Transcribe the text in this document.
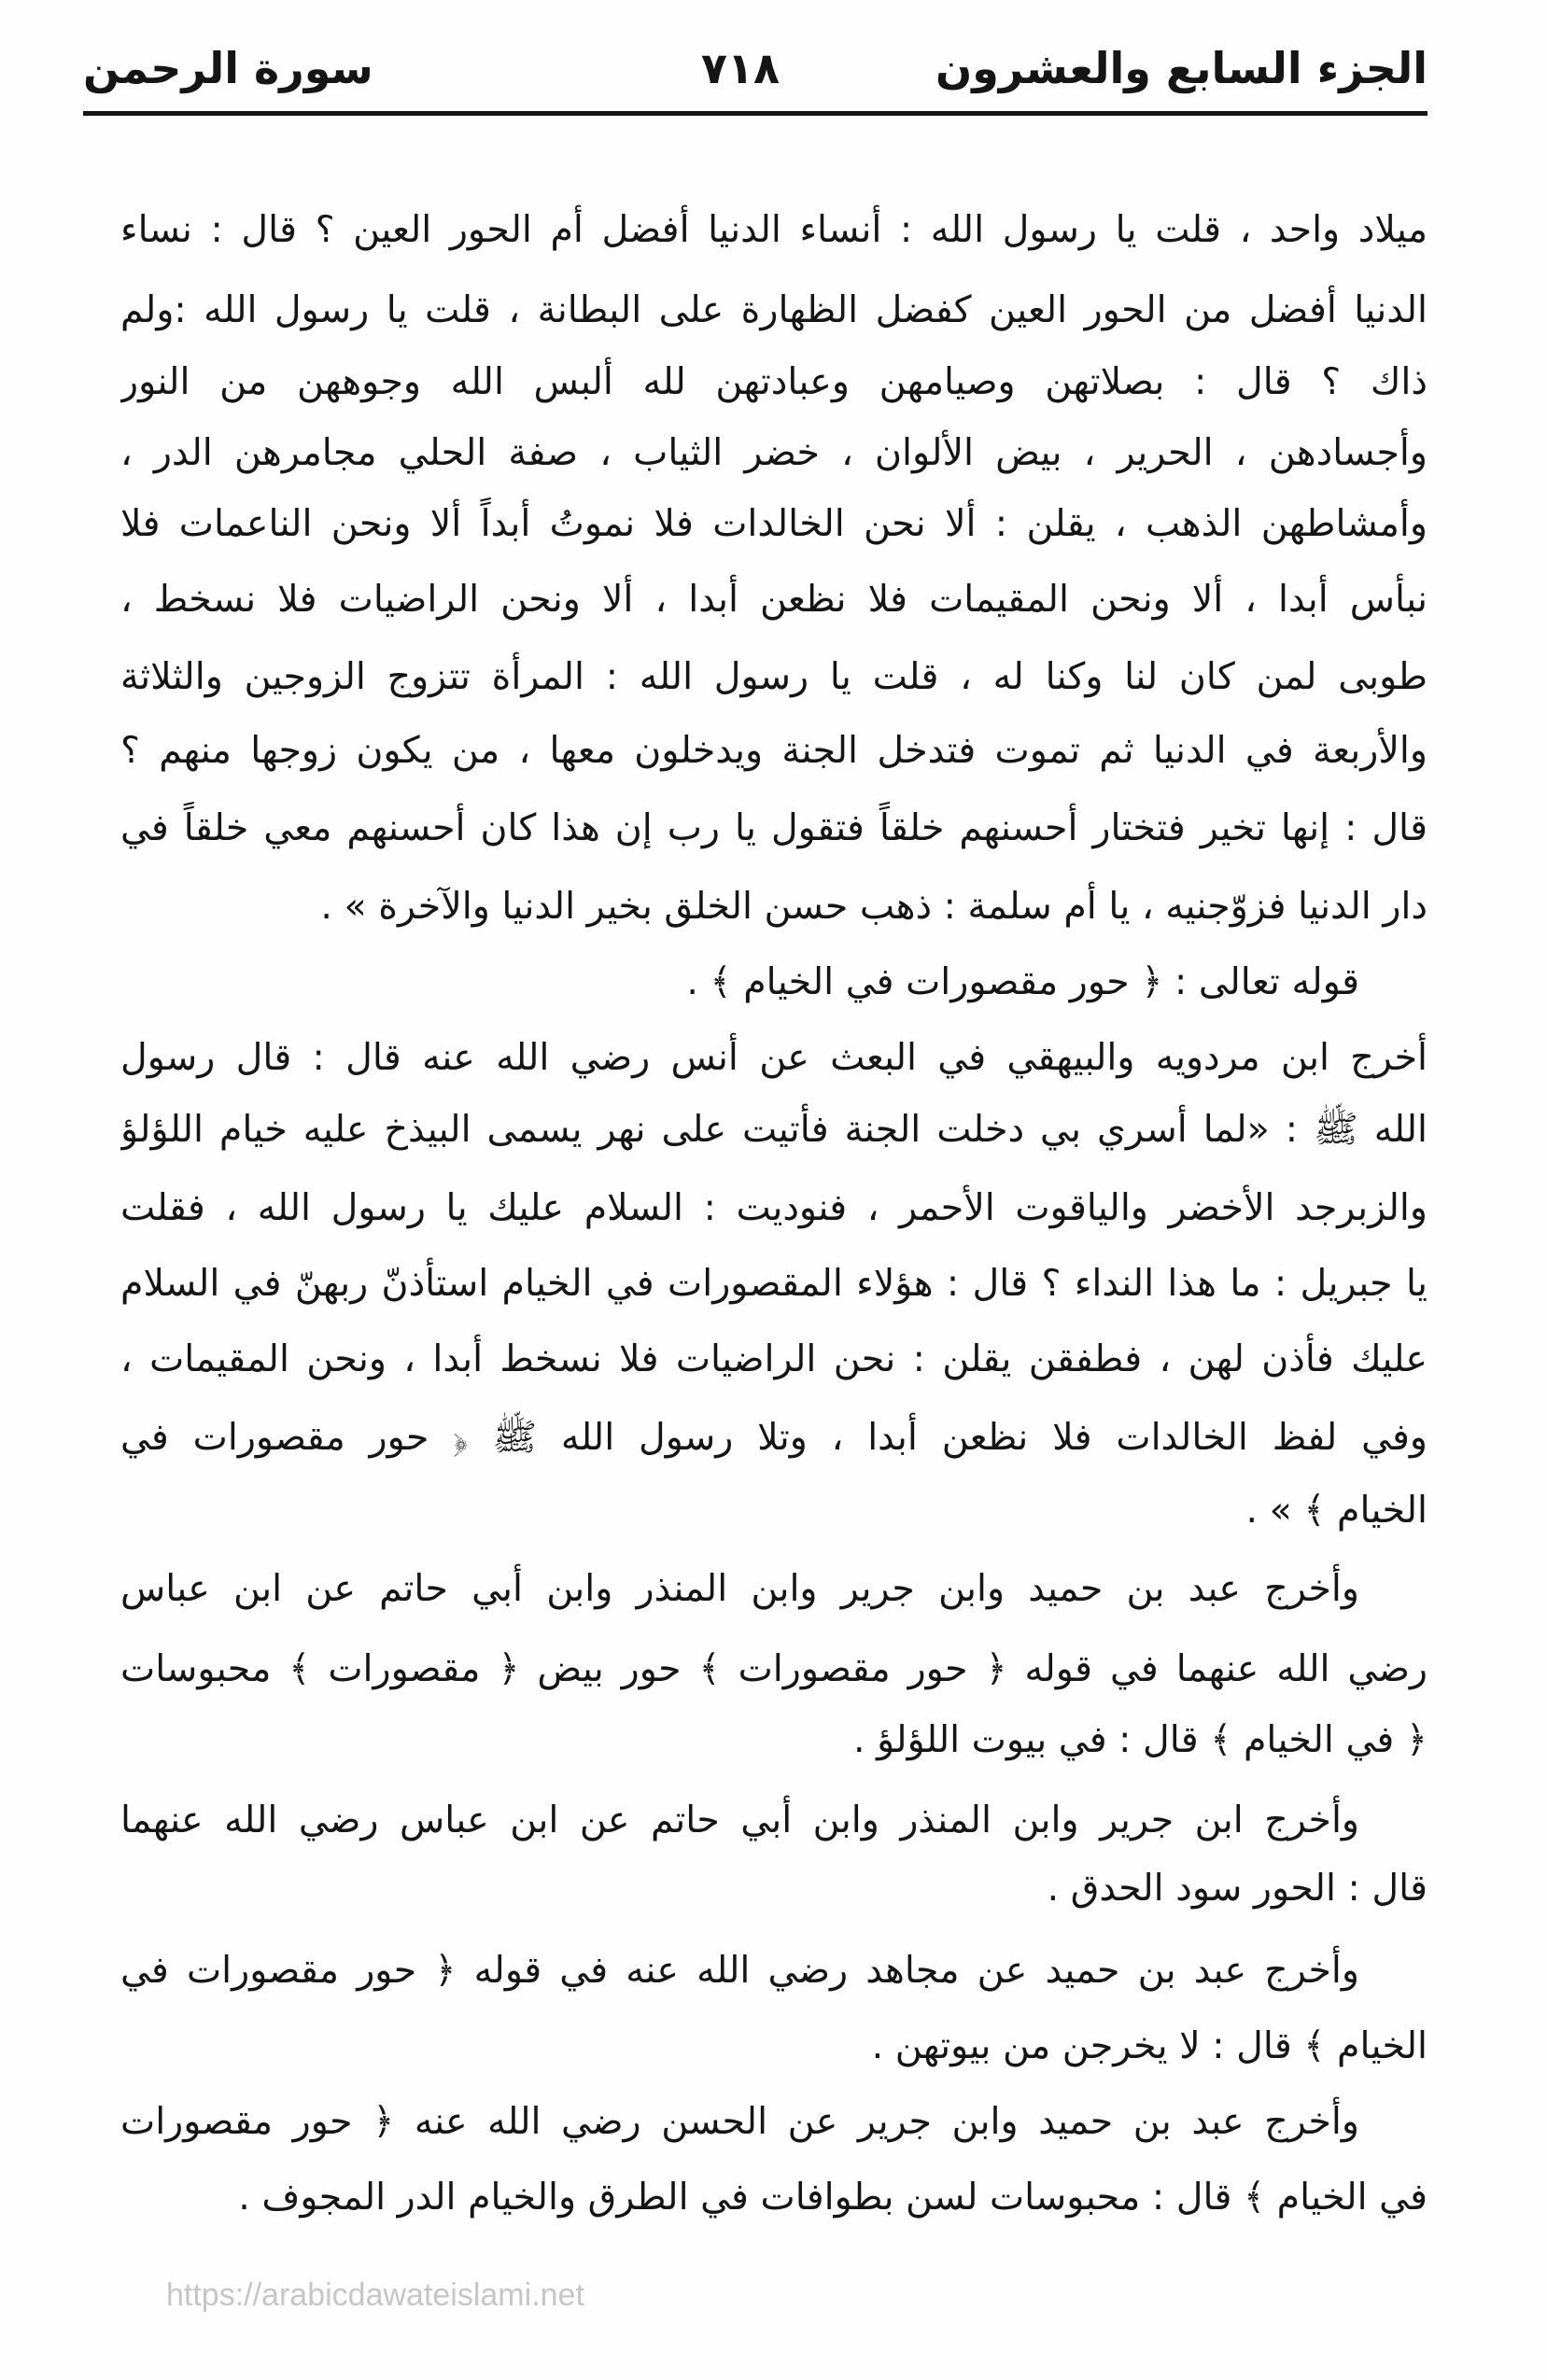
الجزء السابع والعشرون
٧١٨
سورة الرحمن
ميلاد واحد ، قلت يا رسول الله : أنساء الدنيا أفضل أم الحور العين ؟ قال : نساء
الدنيا أفضل من الحور العين كفضل الظهارة على البطانة ، قلت يا رسول الله :ولم
ذاك ؟ قال : بصلاتهن وصيامهن وعبادتهن لله ألبس الله وجوههن من النور
وأجسادهن ، الحرير ، بيض الألوان ، خضر الثياب ، صفة الحلي مجامرهن الدر ،
وأمشاطهن الذهب ، يقلن : ألا نحن الخالدات فلا نموتُ أبداً ألا ونحن الناعمات فلا
نبأس أبدا ، ألا ونحن المقيمات فلا نظعن أبدا ، ألا ونحن الراضيات فلا نسخط ،
طوبى لمن كان لنا وكنا له ، قلت يا رسول الله : المرأة تتزوج الزوجين والثلاثة
والأربعة في الدنيا ثم تموت فتدخل الجنة ويدخلون معها ، من يكون زوجها منهم ؟
قال : إنها تخير فتختار أحسنهم خلقاً فتقول يا رب إن هذا كان أحسنهم معي خلقاً في
دار الدنيا فزوّجنيه ، يا أم سلمة : ذهب حسن الخلق بخير الدنيا والآخرة » .
قوله تعالى : ﴿ حور مقصورات في الخيام ﴾ .
أخرج ابن مردويه والبيهقي في البعث عن أنس رضي الله عنه قال : قال رسول
الله ﷺ : «لما أسري بي دخلت الجنة فأتيت على نهر يسمى البيذخ عليه خيام اللؤلؤ
والزبرجد الأخضر والياقوت الأحمر ، فنوديت : السلام عليك يا رسول الله ، فقلت
يا جبريل : ما هذا النداء ؟ قال : هؤلاء المقصورات في الخيام استأذنّ ربهنّ في السلام
عليك فأذن لهن ، فطفقن يقلن : نحن الراضيات فلا نسخط أبدا ، ونحن المقيمات ،
وفي لفظ الخالدات فلا نظعن أبدا ، وتلا رسول الله ﷺ ﴿ حور مقصورات في
الخيام ﴾ » .
وأخرج عبد بن حميد وابن جرير وابن المنذر وابن أبي حاتم عن ابن عباس
رضي الله عنهما في قوله ﴿ حور مقصورات ﴾ حور بيض ﴿ مقصورات ﴾ محبوسات
﴿ في الخيام ﴾ قال : في بيوت اللؤلؤ .
وأخرج ابن جرير وابن المنذر وابن أبي حاتم عن ابن عباس رضي الله عنهما
قال : الحور سود الحدق .
وأخرج عبد بن حميد عن مجاهد رضي الله عنه في قوله ﴿ حور مقصورات في
الخيام ﴾ قال : لا يخرجن من بيوتهن .
وأخرج عبد بن حميد وابن جرير عن الحسن رضي الله عنه ﴿ حور مقصورات
في الخيام ﴾ قال : محبوسات لسن بطوافات في الطرق والخيام الدر المجوف .
https://arabicdawateislami.net
